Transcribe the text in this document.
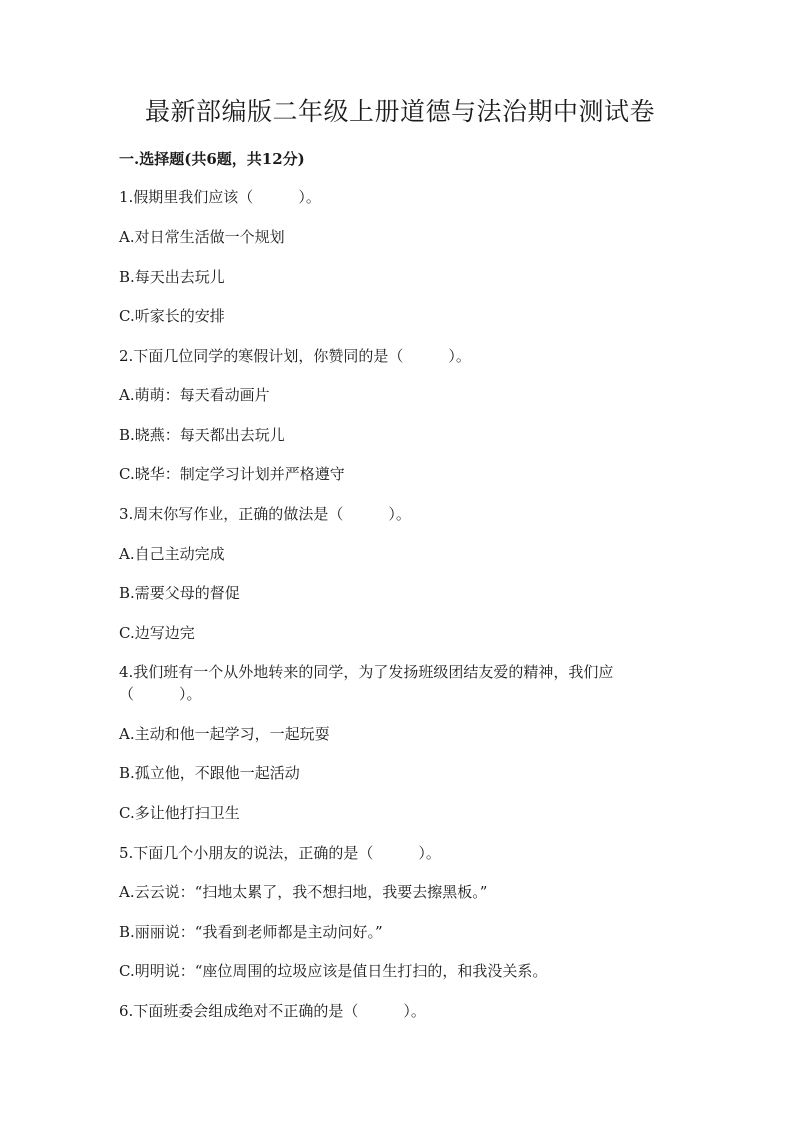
最新部编版二年级上册道德与法治期中测试卷

一.选择题(共6题，共12分)

1.假期里我们应该（　　　）。

A.对日常生活做一个规划

B.每天出去玩儿

C.听家长的安排

2.下面几位同学的寒假计划，你赞同的是（　　　）。

A.萌萌：每天看动画片

B.晓燕：每天都出去玩儿

C.晓华：制定学习计划并严格遵守

3.周末你写作业，正确的做法是（　　　）。

A.自己主动完成

B.需要父母的督促

C.边写边完

4.我们班有一个从外地转来的同学，为了发扬班级团结友爱的精神，我们应

（　　　）。

A.主动和他一起学习，一起玩耍

B.孤立他，不跟他一起活动

C.多让他打扫卫生

5.下面几个小朋友的说法，正确的是（　　　）。

A.云云说：“扫地太累了，我不想扫地，我要去擦黑板。”

B.丽丽说：“我看到老师都是主动问好。”

C.明明说：“座位周围的垃圾应该是值日生打扫的，和我没关系。

6.下面班委会组成绝对不正确的是（　　　）。
